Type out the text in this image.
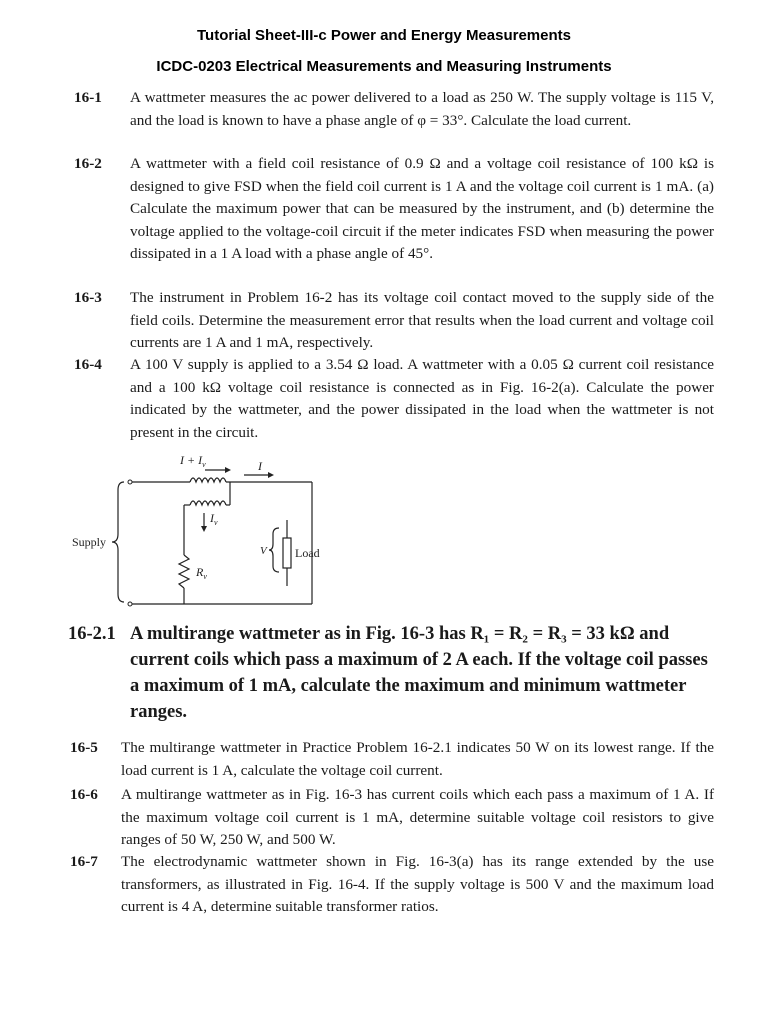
Tutorial Sheet-III-c Power and Energy Measurements
ICDC-0203 Electrical Measurements and Measuring Instruments
16-1	A wattmeter measures the ac power delivered to a load as 250 W. The supply voltage is 115 V, and the load is known to have a phase angle of φ = 33°. Calculate the load current.
16-2	A wattmeter with a field coil resistance of 0.9 Ω and a voltage coil resistance of 100 kΩ is designed to give FSD when the field coil current is 1 A and the voltage coil current is 1 mA. (a) Calculate the maximum power that can be measured by the instrument, and (b) determine the voltage applied to the voltage-coil circuit if the meter indicates FSD when measuring the power dissipated in a 1 A load with a phase angle of 45°.
16-3	The instrument in Problem 16-2 has its voltage coil contact moved to the supply side of the field coils. Determine the measurement error that results when the load current and voltage coil currents are 1 A and 1 mA, respectively.
16-4	A 100 V supply is applied to a 3.54 Ω load. A wattmeter with a 0.05 Ω current coil resistance and a 100 kΩ voltage coil resistance is connected as in Fig. 16-2(a). Calculate the power indicated by the wattmeter, and the power dissipated in the load when the wattmeter is not present in the circuit.
$I + I_v$	I
$I_v$
Supply
V Load
$R_v$
16-2.1 A multirange wattmeter as in Fig. 16-3 has R₁ = R₂ = R₃ = 33 kΩ and current coils which pass a maximum of 2 A each. If the voltage coil passes a maximum of 1 mA, calculate the maximum and minimum wattmeter ranges.
16-5	The multirange wattmeter in Practice Problem 16-2.1 indicates 50 W on its lowest range. If the load current is 1 A, calculate the voltage coil current.
16-6	A multirange wattmeter as in Fig. 16-3 has current coils which each pass a maximum of 1 A. If the maximum voltage coil current is 1 mA, determine suitable voltage coil resistors to give ranges of 50 W, 250 W, and 500 W.
16-7	The electrodynamic wattmeter shown in Fig. 16-3(a) has its range extended by the use transformers, as illustrated in Fig. 16-4. If the supply voltage is 500 V and the maximum load current is 4 A, determine suitable transformer ratios.
